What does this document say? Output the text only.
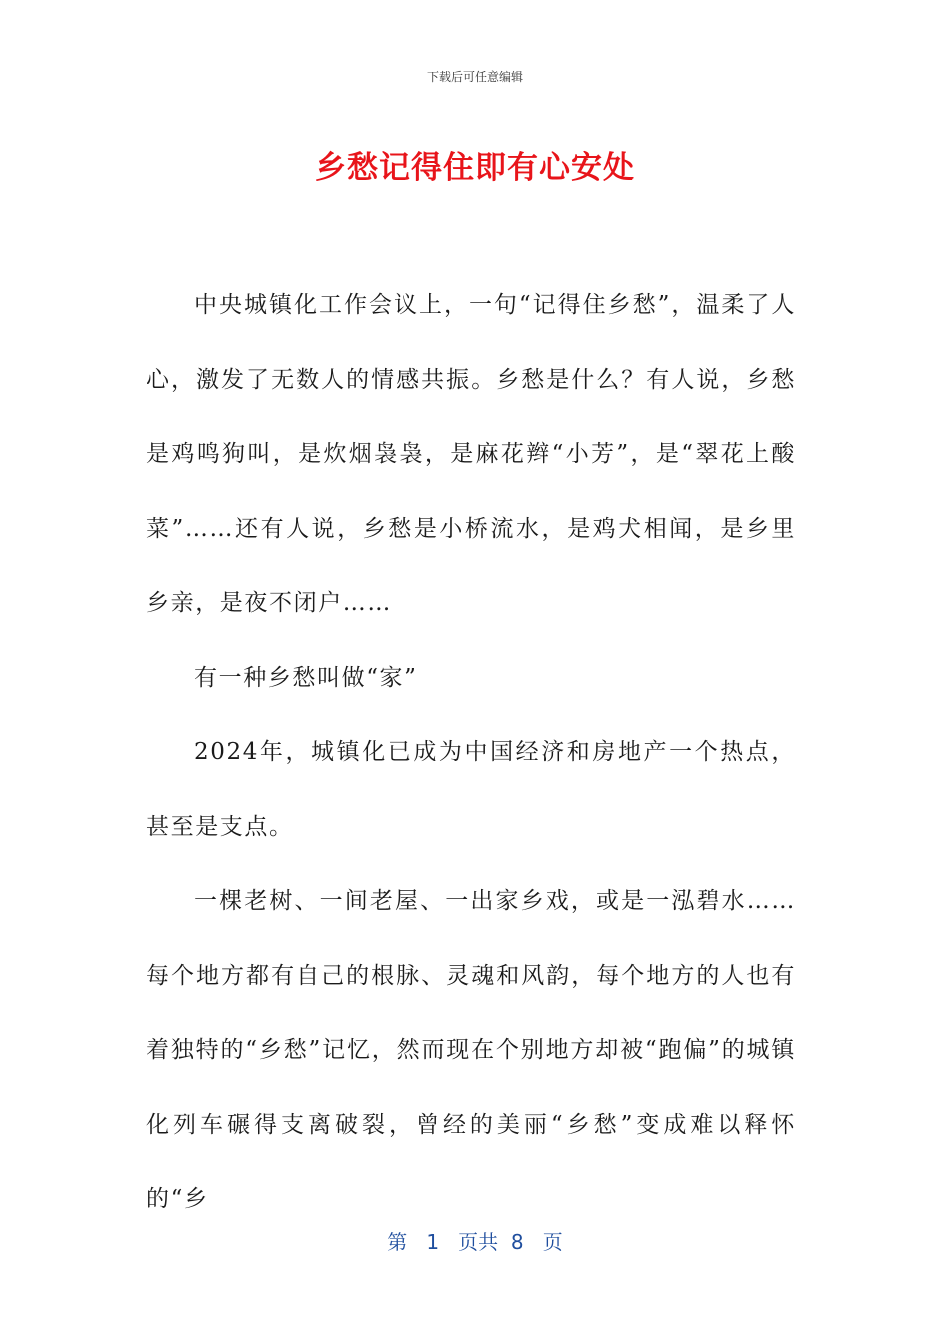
下载后可任意编辑
乡愁记得住即有心安处

中央城镇化工作会议上，一句“记得住乡愁”，温柔了人心，激发了无数人的情感共振。乡愁是什么？有人说，乡愁是鸡鸣狗叫，是炊烟袅袅，是麻花辫“小芳”，是“翠花上酸菜”……还有人说，乡愁是小桥流水，是鸡犬相闻，是乡里乡亲，是夜不闭户……

有一种乡愁叫做“家”

2024年，城镇化已成为中国经济和房地产一个热点，甚至是支点。

一棵老树、一间老屋、一出家乡戏，或是一泓碧水……每个地方都有自己的根脉、灵魂和风韵，每个地方的人也有着独特的“乡愁”记忆，然而现在个别地方却被“跑偏”的城镇化列车碾得支离破裂，曾经的美丽“乡愁”变成难以释怀的“乡

第 1 页共 8 页
